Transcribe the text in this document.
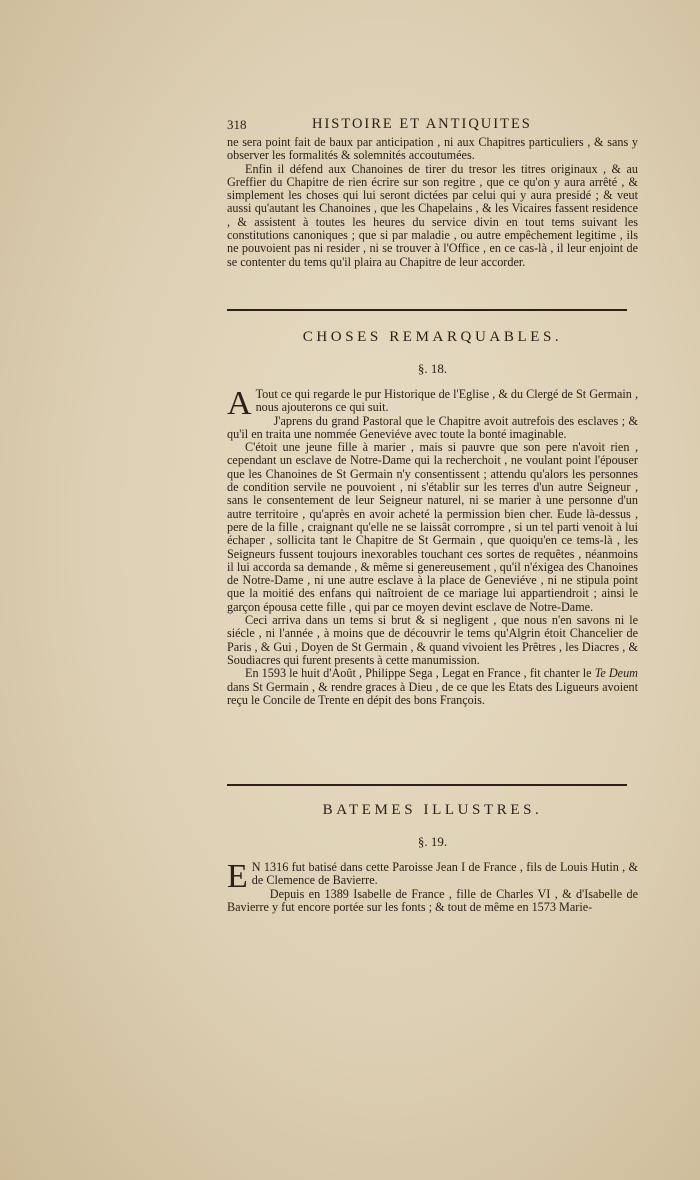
318	HISTOIRE ET ANTIQUITES

ne sera point fait de baux par anticipation , ni aux Chapitres particuliers , & sans y observer les formalités & solemnités accoutumées.

Enfin il défend aux Chanoines de tirer du tresor les titres originaux , & au Greffier du Chapitre de rien écrire sur son regitre , que ce qu'on y aura arrêté , & simplement les choses qui lui seront dictées par celui qui y aura presidé ; & veut aussi qu'autant les Chanoines , que les Chapelains , & les Vicaires fassent residence , & assistent à toutes les heures du service divin en tout tems suivant les constitutions canoniques ; que si par maladie , ou autre empêchement legitime , ils ne pouvoient pas ni resider , ni se trouver à l'Office , en ce cas-là , il leur enjoint de se contenter du tems qu'il plaira au Chapitre de leur accorder.

CHOSES REMARQUABLES.
§. 18.

A Tout ce qui regarde le pur Historique de l'Eglise , & du Clergé de St Germain , nous ajouterons ce qui suit.

J'aprens du grand Pastoral que le Chapitre avoit autrefois des esclaves ; & qu'il en traita une nommée Geneviéve avec toute la bonté imaginable.

C'étoit une jeune fille à marier , mais si pauvre que son pere n'avoit rien , cependant un esclave de Notre-Dame qui la recherchoit , ne voulant point l'épouser que les Chanoines de St Germain n'y consentissent ; attendu qu'alors les personnes de condition servile ne pouvoient , ni s'établir sur les terres d'un autre Seigneur , sans le consentement de leur Seigneur naturel, ni se marier à une personne d'un autre territoire , qu'après en avoir acheté la permission bien cher. Eude là-dessus , pere de la fille , craignant qu'elle ne se laissât corrompre , si un tel parti venoit à lui échaper , sollicita tant le Chapitre de St Germain , que quoiqu'en ce tems-là , les Seigneurs fussent toujours inexorables touchant ces sortes de requêtes , néanmoins il lui accorda sa demande , & même si genereusement , qu'il n'éxigea des Chanoines de Notre-Dame , ni une autre esclave à la place de Geneviéve , ni ne stipula point que la moitié des enfans qui naîtroient de ce mariage lui appartiendroit ; ainsi le garçon épousa cette fille , qui par ce moyen devint esclave de Notre-Dame.

Ceci arriva dans un tems si brut & si negligent , que nous n'en savons ni le siécle , ni l'année , à moins que de découvrir le tems qu'Algrin étoit Chancelier de Paris , & Gui , Doyen de St Germain , & quand vivoient les Prêtres , les Diacres , & Soudiacres qui furent presents à cette manumission.

En 1593 le huit d'Août , Philippe Sega , Legat en France , fit chanter le Te Deum dans St Germain , & rendre graces à Dieu , de ce que les Etats des Ligueurs avoient reçu le Concile de Trente en dépit des bons François.

BATEMES ILLUSTRES.
§. 19.

E N 1316 fut batisé dans cette Paroisse Jean I de France , fils de Louis Hutin , & de Clemence de Bavierre.

Depuis en 1389 Isabelle de France , fille de Charles VI , & d'Isabelle de Bavierre y fut encore portée sur les fonts ; & tout de même en 1573 Marie-
